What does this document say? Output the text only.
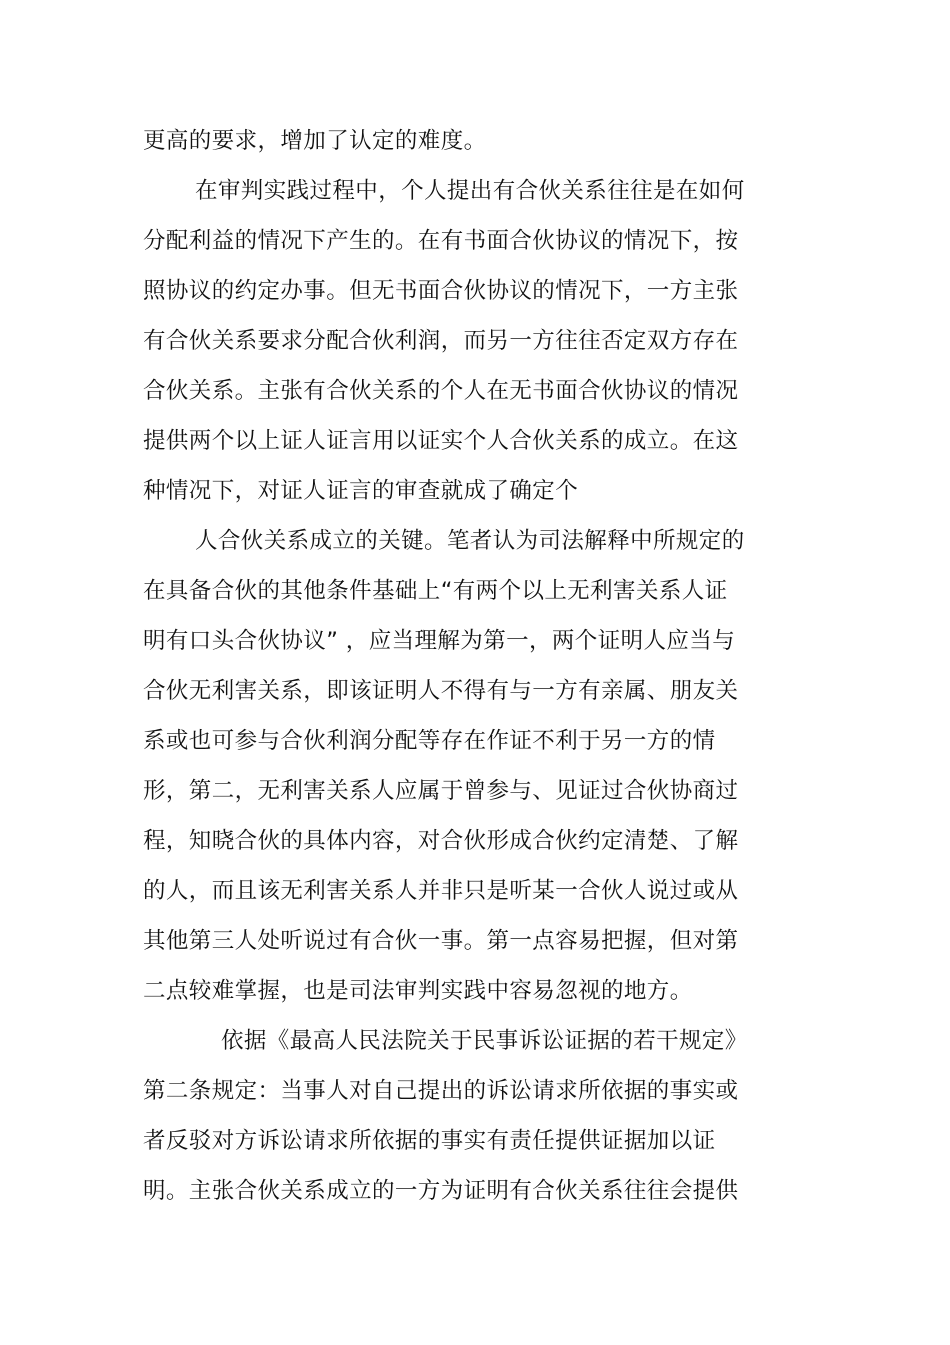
更高的要求，增加了认定的难度。
在审判实践过程中，个人提出有合伙关系往往是在如何
分配利益的情况下产生的。在有书面合伙协议的情况下，按
照协议的约定办事。但无书面合伙协议的情况下，一方主张
有合伙关系要求分配合伙利润，而另一方往往否定双方存在
合伙关系。主张有合伙关系的个人在无书面合伙协议的情况
提供两个以上证人证言用以证实个人合伙关系的成立。在这
种情况下，对证人证言的审查就成了确定个
人合伙关系成立的关键。笔者认为司法解释中所规定的
在具备合伙的其他条件基础上“有两个以上无利害关系人证
明有口头合伙协议” ，应当理解为第一，两个证明人应当与
合伙无利害关系，即该证明人不得有与一方有亲属、朋友关
系或也可参与合伙利润分配等存在作证不利于另一方的情
形，第二，无利害关系人应属于曾参与、见证过合伙协商过
程，知晓合伙的具体内容，对合伙形成合伙约定清楚、了解
的人，而且该无利害关系人并非只是听某一合伙人说过或从
其他第三人处听说过有合伙一事。第一点容易把握，但对第
二点较难掌握，也是司法审判实践中容易忽视的地方。
依据《最高人民法院关于民事诉讼证据的若干规定》
第二条规定：当事人对自己提出的诉讼请求所依据的事实或
者反驳对方诉讼请求所依据的事实有责任提供证据加以证
明。主张合伙关系成立的一方为证明有合伙关系往往会提供
